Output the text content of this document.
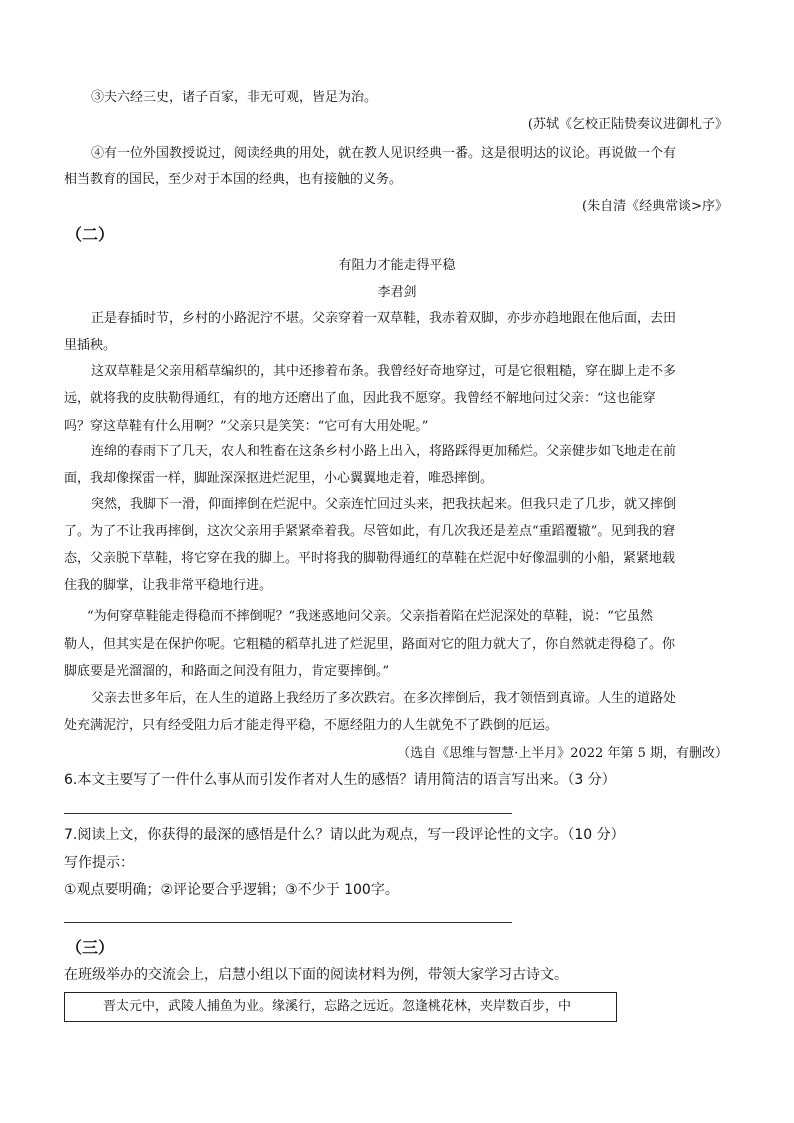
③夫六经三史，诸子百家，非无可观，皆足为治。
(苏轼《乞校正陆贽奏议进御札子》
④有一位外国教授说过，阅读经典的用处，就在教人见识经典一番。这是很明达的议论。再说做一个有
相当教育的国民，至少对于本国的经典，也有接触的义务。
(朱自清《经典常谈>序》
（二）
有阻力才能走得平稳
李君剑
正是春插时节，乡村的小路泥泞不堪。父亲穿着一双草鞋，我赤着双脚，亦步亦趋地跟在他后面，去田
里插秧。
这双草鞋是父亲用稻草编织的，其中还掺着布条。我曾经好奇地穿过，可是它很粗糙，穿在脚上走不多
远，就将我的皮肤勒得通红，有的地方还磨出了血，因此我不愿穿。我曾经不解地问过父亲：“这也能穿
吗？穿这草鞋有什么用啊？”父亲只是笑笑：“它可有大用处呢。”
连绵的春雨下了几天，农人和牲畜在这条乡村小路上出入，将路踩得更加稀烂。父亲健步如飞地走在前
面，我却像探雷一样，脚趾深深抠进烂泥里，小心翼翼地走着，唯恐摔倒。
突然，我脚下一滑，仰面摔倒在烂泥中。父亲连忙回过头来，把我扶起来。但我只走了几步，就又摔倒
了。为了不让我再摔倒，这次父亲用手紧紧牵着我。尽管如此，有几次我还是差点“重蹈覆辙”。见到我的窘
态，父亲脱下草鞋，将它穿在我的脚上。平时将我的脚勒得通红的草鞋在烂泥中好像温驯的小船，紧紧地载
住我的脚掌，让我非常平稳地行进。
“为何穿草鞋能走得稳而不摔倒呢？”我迷惑地问父亲。父亲指着陷在烂泥深处的草鞋，说：“它虽然
勒人，但其实是在保护你呢。它粗糙的稻草扎进了烂泥里，路面对它的阻力就大了，你自然就走得稳了。你
脚底要是光溜溜的，和路面之间没有阻力，肯定要摔倒。”
父亲去世多年后，在人生的道路上我经历了多次跌宕。在多次摔倒后，我才领悟到真谛。人生的道路处
处充满泥泞，只有经受阻力后才能走得平稳，不愿经阻力的人生就免不了跌倒的厄运。
（选自《思维与智慧·上半月》2022 年第 5 期，有删改）
6.本文主要写了一件什么事从而引发作者对人生的感悟？请用简洁的语言写出来。（3 分）
7.阅读上文，你获得的最深的感悟是什么？请以此为观点，写一段评论性的文字。（10 分）
写作提示：
①观点要明确；②评论要合乎逻辑；③不少于 100字。
（三）
在班级举办的交流会上，启慧小组以下面的阅读材料为例，带领大家学习古诗文。
晋太元中，武陵人捕鱼为业。缘溪行，忘路之远近。忽逢桃花林，夹岸数百步，中
